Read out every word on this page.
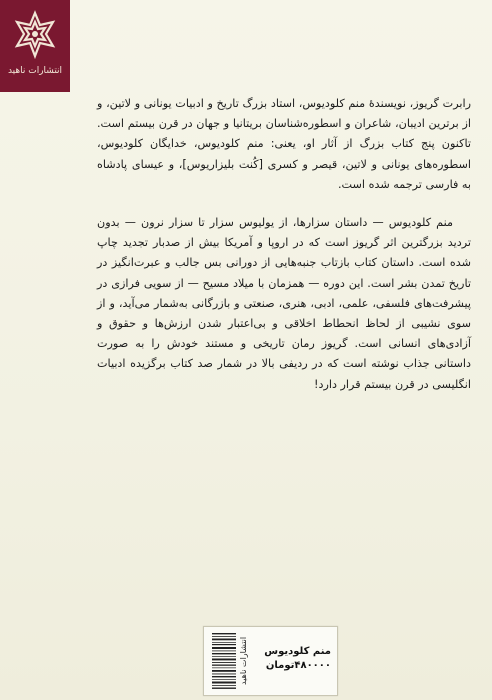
انتشارات ناهید

رابرت گریوز، نویسندۀ منم کلودیوس، استاد بزرگ تاریخ و ادبیات یونانی و لاتین، و از برترین ادیبان، شاعران و اسطوره‌شناسان بریتانیا و جهان در قرن بیستم است. تاکنون پنج کتاب بزرگ از آثار او، یعنی: منم کلودیوس، خدایگان کلودیوس، اسطوره‌های یونانی و لاتین، قیصر و کسری [کُنت بلیزاریوس]، و عیسای پادشاه به فارسی ترجمه شده است.

منم کلودیوس — داستان سزارها، از یولیوس سزار تا سزار نرون — بدون تردید بزرگترین اثر گریوز است که در اروپا و آمریکا بیش از صدبار تجدید چاپ شده است. داستان کتاب بازتاب جنبه‌هایی از دورانی بس جالب و عبرت‌انگیز در تاریخ تمدن بشر است. این دوره — همزمان با میلاد مسیح — از سویی فرازی در پیشرفت‌های فلسفی، علمی، ادبی، هنری، صنعتی و بازرگانی به‌شمار می‌آید، و از سوی نشیبی از لحاظ انحطاط اخلاقی و بی‌اعتبار شدن ارزش‌ها و حقوق و آزادی‌های انسانی است. گریوز رمان تاریخی و مستند خودش را به صورت داستانی جذاب نوشته است که در ردیفی بالا در شمار صد کتاب برگزیده ادبیات انگلیسی در قرن بیستم قرار دارد!

انتشارات ناهید	منم کلودیوس
۴۸۰۰۰۰تومان
